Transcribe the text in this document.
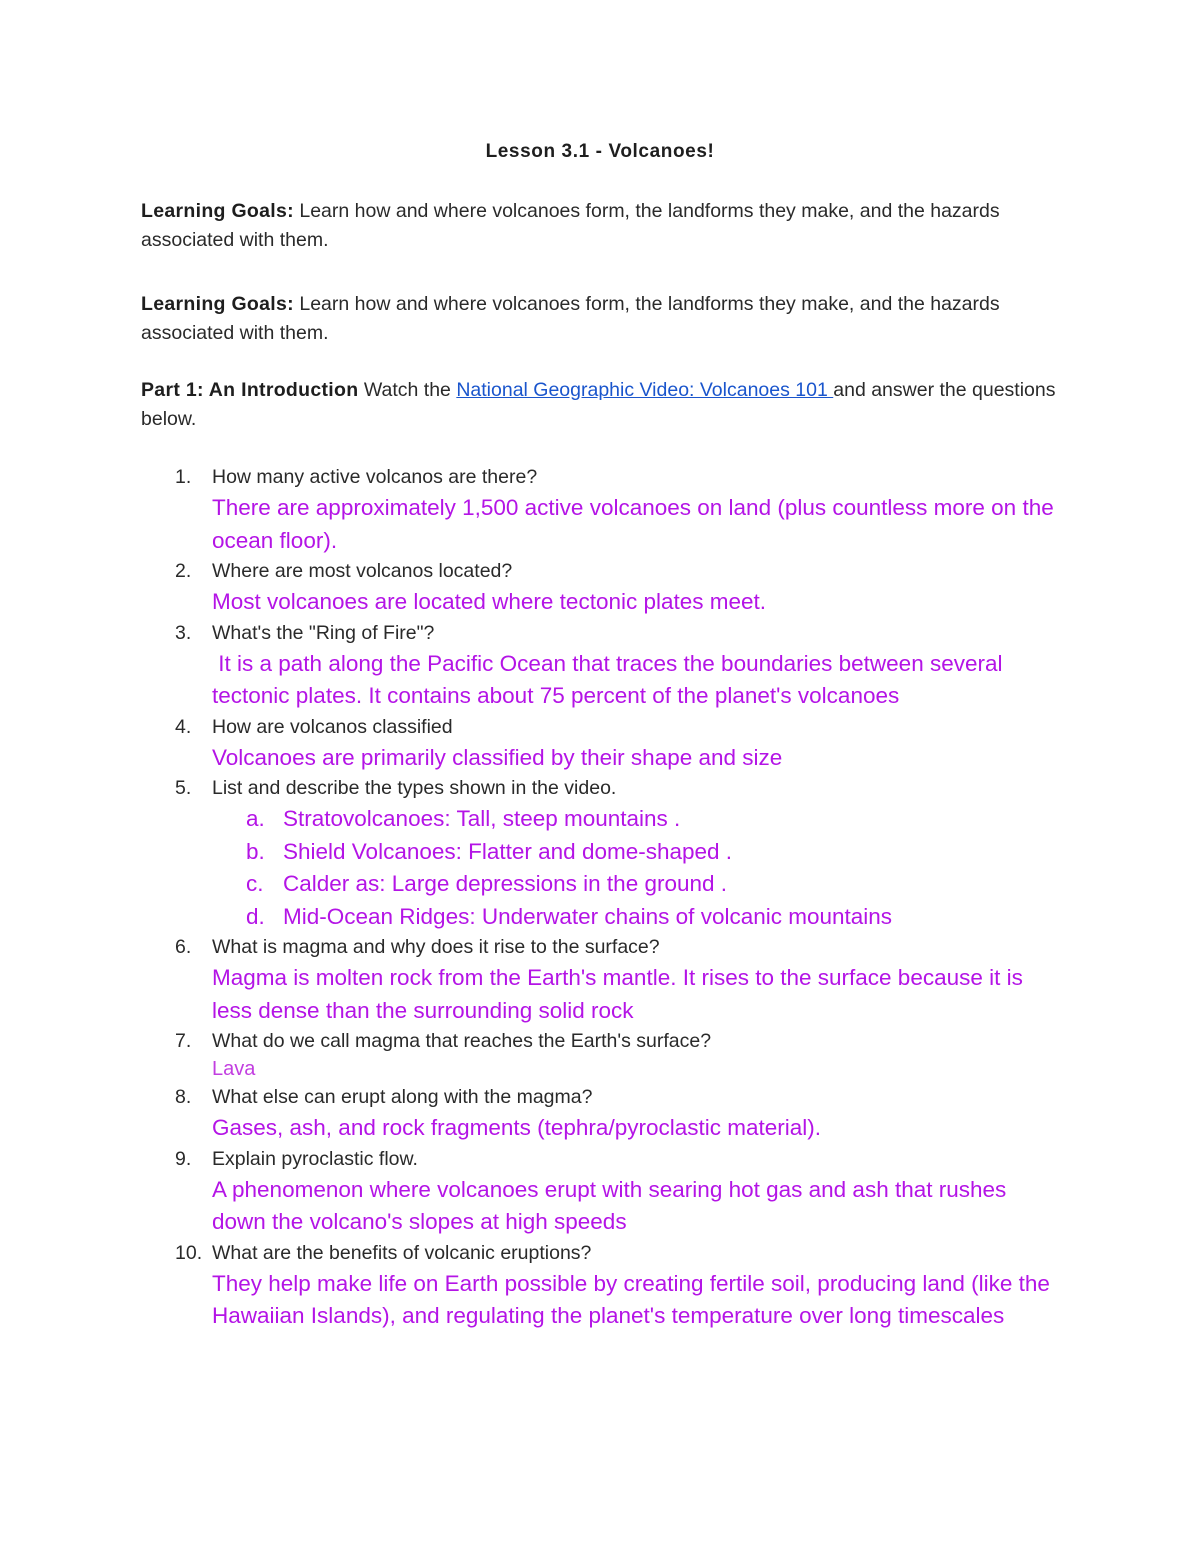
Lesson 3.1 - Volcanoes!
Learning Goals: Learn how and where volcanoes form, the landforms they make, and the hazards associated with them.
Learning Goals: Learn how and where volcanoes form, the landforms they make, and the hazards associated with them.
Part 1: An Introduction Watch the National Geographic Video: Volcanoes 101 and answer the questions below.
1.	How many active volcanos are there?
There are approximately 1,500 active volcanoes on land (plus countless more on the ocean floor).
2.	Where are most volcanos located?
Most volcanoes are located where tectonic plates meet.
3.	What's the "Ring of Fire"?
It is a path along the Pacific Ocean that traces the boundaries between several tectonic plates. It contains about 75 percent of the planet's volcanoes
4.	How are volcanos classified
Volcanoes are primarily classified by their shape and size
5.	List and describe the types shown in the video.
a. Stratovolcanoes: Tall, steep mountains .
b. Shield Volcanoes: Flatter and dome-shaped .
c. Calder as: Large depressions in the ground .
d. Mid-Ocean Ridges: Underwater chains of volcanic mountains
6.	What is magma and why does it rise to the surface?
Magma is molten rock from the Earth's mantle. It rises to the surface because it is less dense than the surrounding solid rock
7.	What do we call magma that reaches the Earth's surface?
Lava
8.	What else can erupt along with the magma?
Gases, ash, and rock fragments (tephra/pyroclastic material).
9.	Explain pyroclastic flow.
A phenomenon where volcanoes erupt with searing hot gas and ash that rushes down the volcano's slopes at high speeds
10. What are the benefits of volcanic eruptions?
They help make life on Earth possible by creating fertile soil, producing land (like the Hawaiian Islands), and regulating the planet's temperature over long timescales
